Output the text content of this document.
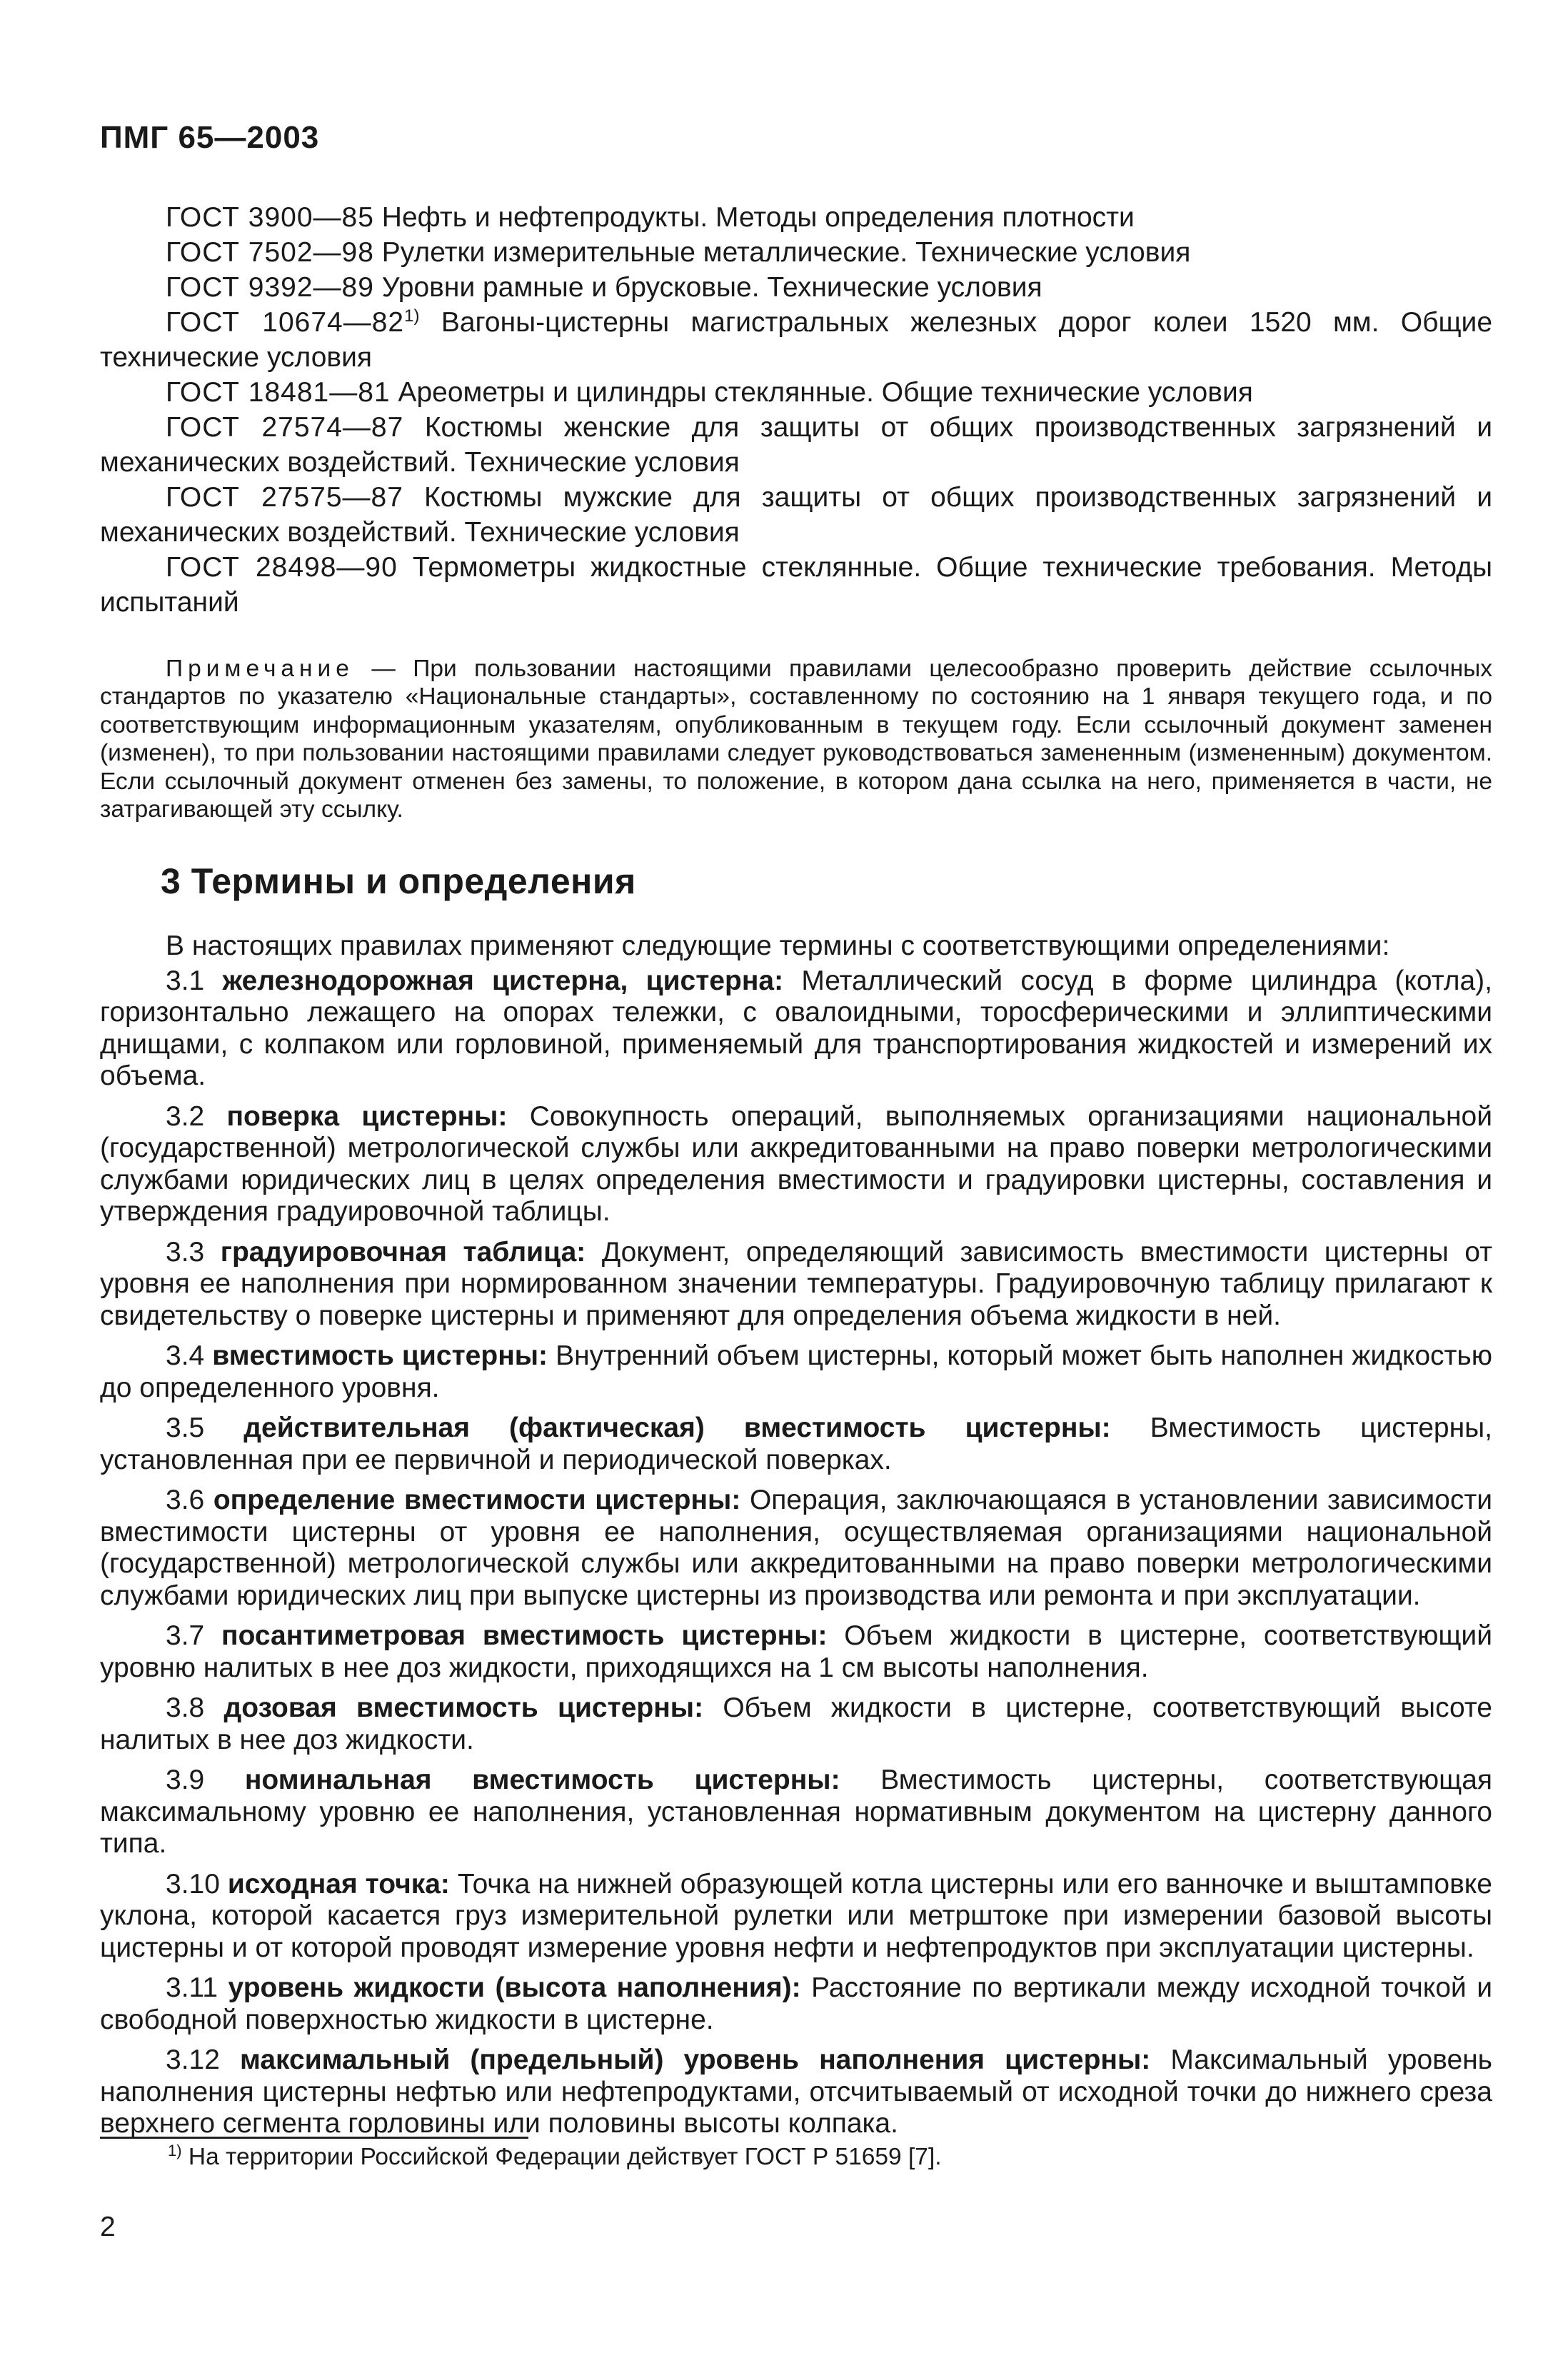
ПМГ 65—2003

ГОСТ 3900—85 Нефть и нефтепродукты. Методы определения плотности

ГОСТ 7502—98 Рулетки измерительные металлические. Технические условия

ГОСТ 9392—89 Уровни рамные и брусковые. Технические условия

ГОСТ 10674—82$^{1)}$ Вагоны-цистерны магистральных железных дорог колеи 1520 мм. Общие технические условия

ГОСТ 18481—81 Ареометры и цилиндры стеклянные. Общие технические условия

ГОСТ 27574—87 Костюмы женские для защиты от общих производственных загрязнений и механических воздействий. Технические условия

ГОСТ 27575—87 Костюмы мужские для защиты от общих производственных загрязнений и механических воздействий. Технические условия

ГОСТ 28498—90 Термометры жидкостные стеклянные. Общие технические требования. Методы испытаний

Примечание — При пользовании настоящими правилами целесообразно проверить действие ссылочных стандартов по указателю «Национальные стандарты», составленному по состоянию на 1 января текущего года, и по соответствующим информационным указателям, опубликованным в текущем году. Если ссылочный документ заменен (изменен), то при пользовании настоящими правилами следует руководствоваться замененным (измененным) документом. Если ссылочный документ отменен без замены, то положение, в котором дана ссылка на него, применяется в части, не затрагивающей эту ссылку.

3 Термины и определения

В настоящих правилах применяют следующие термины с соответствующими определениями:

3.1 железнодорожная цистерна, цистерна: Металлический сосуд в форме цилиндра (котла), горизонтально лежащего на опорах тележки, с овалоидными, торосферическими и эллиптическими днищами, с колпаком или горловиной, применяемый для транспортирования жидкостей и измерений их объема.

3.2 поверка цистерны: Совокупность операций, выполняемых организациями национальной (государственной) метрологической службы или аккредитованными на право поверки метрологическими службами юридических лиц в целях определения вместимости и градуировки цистерны, составления и утверждения градуировочной таблицы.

3.3 градуировочная таблица: Документ, определяющий зависимость вместимости цистерны от уровня ее наполнения при нормированном значении температуры. Градуировочную таблицу прилагают к свидетельству о поверке цистерны и применяют для определения объема жидкости в ней.

3.4 вместимость цистерны: Внутренний объем цистерны, который может быть наполнен жидкостью до определенного уровня.

3.5 действительная (фактическая) вместимость цистерны: Вместимость цистерны, установленная при ее первичной и периодической поверках.

3.6 определение вместимости цистерны: Операция, заключающаяся в установлении зависимости вместимости цистерны от уровня ее наполнения, осуществляемая организациями национальной (государственной) метрологической службы или аккредитованными на право поверки метрологическими службами юридических лиц при выпуске цистерны из производства или ремонта и при эксплуатации.

3.7 посантиметровая вместимость цистерны: Объем жидкости в цистерне, соответствующий уровню налитых в нее доз жидкости, приходящихся на 1 см высоты наполнения.

3.8 дозовая вместимость цистерны: Объем жидкости в цистерне, соответствующий высоте налитых в нее доз жидкости.

3.9 номинальная вместимость цистерны: Вместимость цистерны, соответствующая максимальному уровню ее наполнения, установленная нормативным документом на цистерну данного типа.

3.10 исходная точка: Точка на нижней образующей котла цистерны или его ванночке и выштамповке уклона, которой касается груз измерительной рулетки или метрштоке при измерении базовой высоты цистерны и от которой проводят измерение уровня нефти и нефтепродуктов при эксплуатации цистерны.

3.11 уровень жидкости (высота наполнения): Расстояние по вертикали между исходной точкой и свободной поверхностью жидкости в цистерне.

3.12 максимальный (предельный) уровень наполнения цистерны: Максимальный уровень наполнения цистерны нефтью или нефтепродуктами, отсчитываемый от исходной точки до нижнего среза верхнего сегмента горловины или половины высоты колпака.

$^{1)}$ На территории Российской Федерации действует ГОСТ Р 51659 [7].
2
